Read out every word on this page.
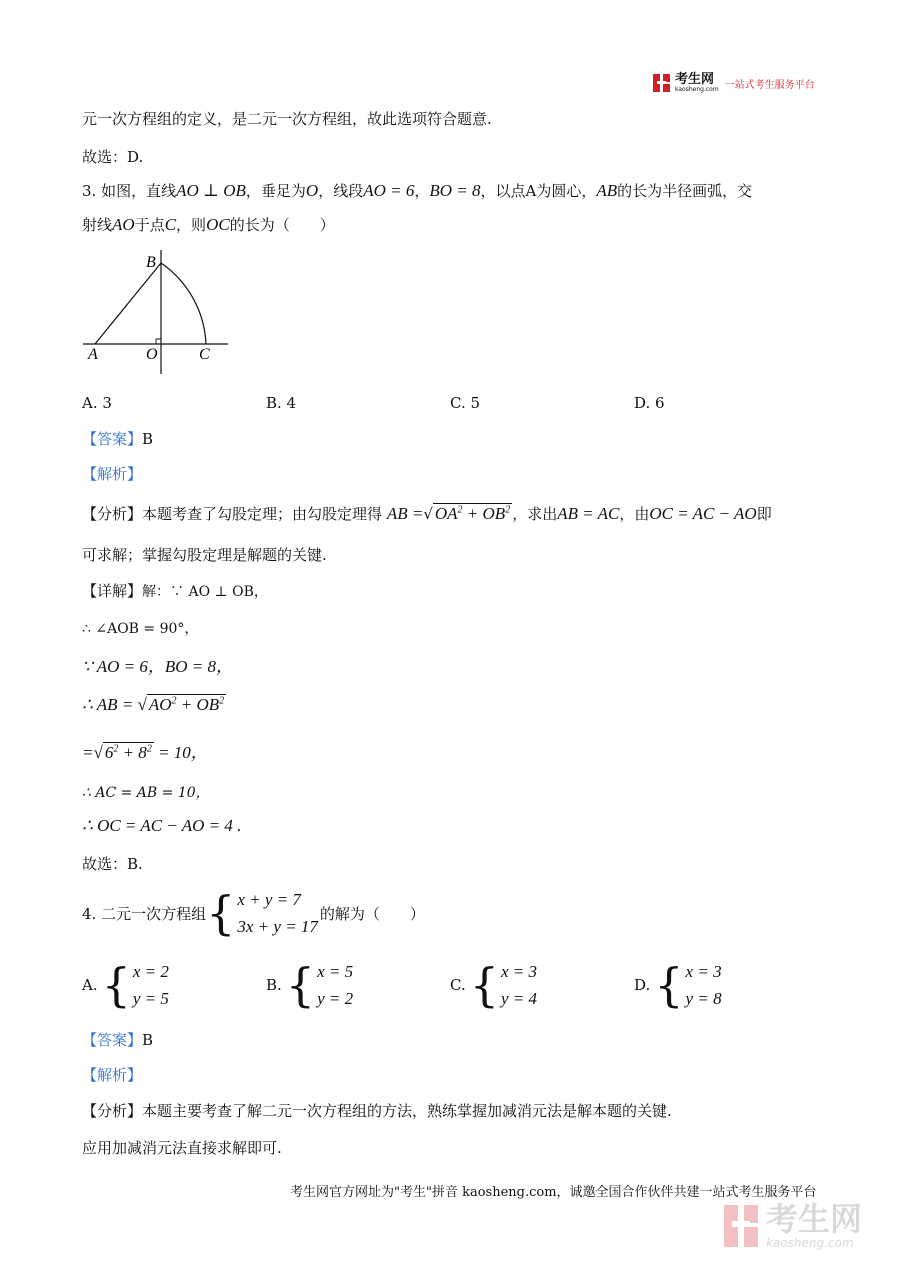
考生网
kaosheng.com 一站式考生服务平台
元一次方程组的定义，是二元一次方程组，故此选项符合题意.
故选：D.
3. 如图，直线AO ⊥ OB，垂足为O，线段AO = 6，BO = 8，以点A为圆心，AB的长为半径画弧，交
射线AO于点C，则OC的长为（　　）
B
A	O	C
A. 3	B. 4	C. 5	D. 6
【答案】B
【解析】
【分析】本题考查了勾股定理；由勾股定理得 AB =√ $OA^2 + OB^2$ ，求出AB = AC，由OC = AC − AO即
可求解；掌握勾股定理是解题的关键.
【详解】解：∵ AO ⊥ OB，
∴ ∠AOB = 90°，
∵ AO = 6，BO = 8，
∴ AB = √ $AO^2 + OB^2$
=√ $6^2 + 8^2 = 10$，
∴ AC = AB = 10，
∴ OC = AC − AO = 4 .
故选：B.
4. 二元一次方程组 { x + y = 7
3x + y = 17
的解为（　　）
A. { x = 2
y = 5
B. { x = 5
y = 2
C. { x = 3
y = 4
D. { x = 3
y = 8
【答案】B
【解析】
【分析】本题主要考查了解二元一次方程组的方法，熟练掌握加减消元法是解本题的关键.
应用加减消元法直接求解即可.
考生网官方网址为"考生"拼音 kaosheng.com，诚邀全国合作伙伴共建一站式考生服务平台
考生网
kaosheng.com
